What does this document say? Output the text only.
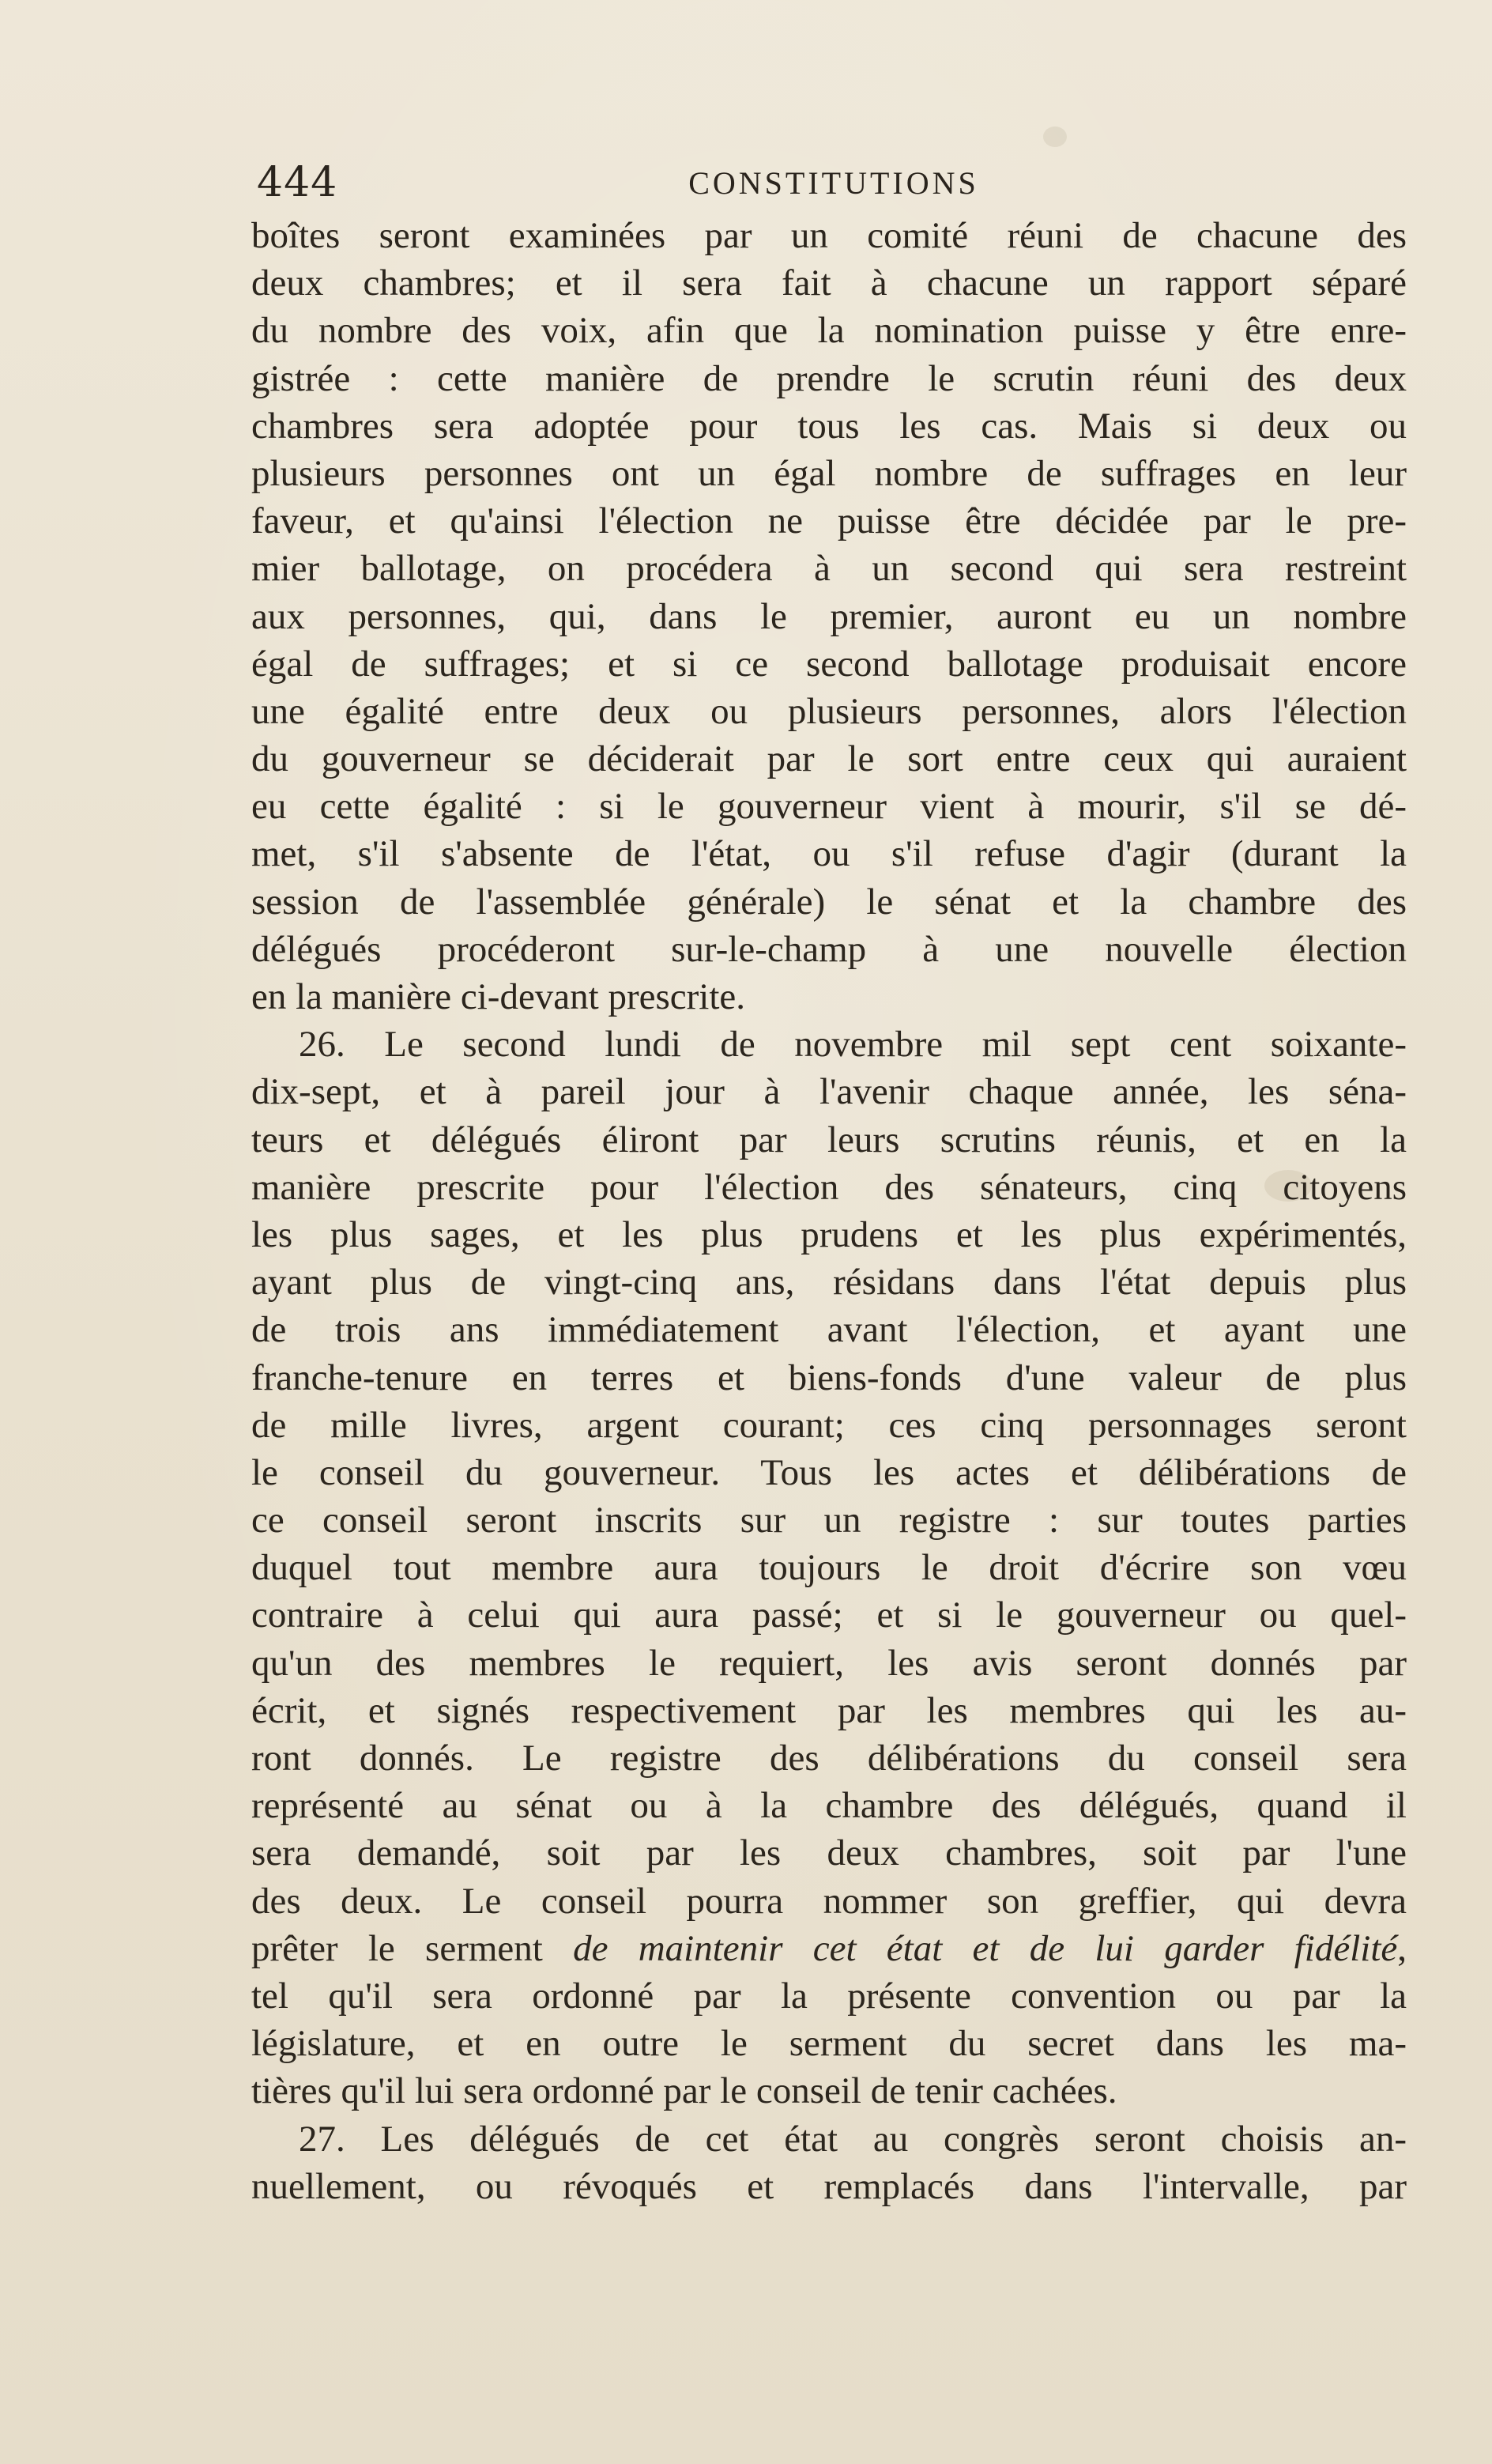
444	CONSTITUTIONS
boîtes seront examinées par un comité réuni de chacune des
deux chambres; et il sera fait à chacune un rapport séparé
du nombre des voix, afin que la nomination puisse y être enre-
gistrée : cette manière de prendre le scrutin réuni des deux
chambres sera adoptée pour tous les cas. Mais si deux ou
plusieurs personnes ont un égal nombre de suffrages en leur
faveur, et qu'ainsi l'élection ne puisse être décidée par le pre-
mier ballotage, on procédera à un second qui sera restreint
aux personnes, qui, dans le premier, auront eu un nombre
égal de suffrages; et si ce second ballotage produisait encore
une égalité entre deux ou plusieurs personnes, alors l'élection
du gouverneur se déciderait par le sort entre ceux qui auraient
eu cette égalité : si le gouverneur vient à mourir, s'il se dé-
met, s'il s'absente de l'état, ou s'il refuse d'agir (durant la
session de l'assemblée générale) le sénat et la chambre des
délégués procéderont sur-le-champ à une nouvelle élection
en la manière ci-devant prescrite.
26. Le second lundi de novembre mil sept cent soixante-
dix-sept, et à pareil jour à l'avenir chaque année, les séna-
teurs et délégués éliront par leurs scrutins réunis, et en la
manière prescrite pour l'élection des sénateurs, cinq citoyens
les plus sages, et les plus prudens et les plus expérimentés,
ayant plus de vingt-cinq ans, résidans dans l'état depuis plus
de trois ans immédiatement avant l'élection, et ayant une
franche-tenure en terres et biens-fonds d'une valeur de plus
de mille livres, argent courant; ces cinq personnages seront
le conseil du gouverneur. Tous les actes et délibérations de
ce conseil seront inscrits sur un registre : sur toutes parties
duquel tout membre aura toujours le droit d'écrire son vœu
contraire à celui qui aura passé; et si le gouverneur ou quel-
qu'un des membres le requiert, les avis seront donnés par
écrit, et signés respectivement par les membres qui les au-
ront donnés. Le registre des délibérations du conseil sera
représenté au sénat ou à la chambre des délégués, quand il
sera demandé, soit par les deux chambres, soit par l'une
des deux. Le conseil pourra nommer son greffier, qui devra
prêter le serment de maintenir cet état et de lui garder fidélité,
tel qu'il sera ordonné par la présente convention ou par la
législature, et en outre le serment du secret dans les ma-
tières qu'il lui sera ordonné par le conseil de tenir cachées.
27. Les délégués de cet état au congrès seront choisis an-
nuellement, ou révoqués et remplacés dans l'intervalle, par
